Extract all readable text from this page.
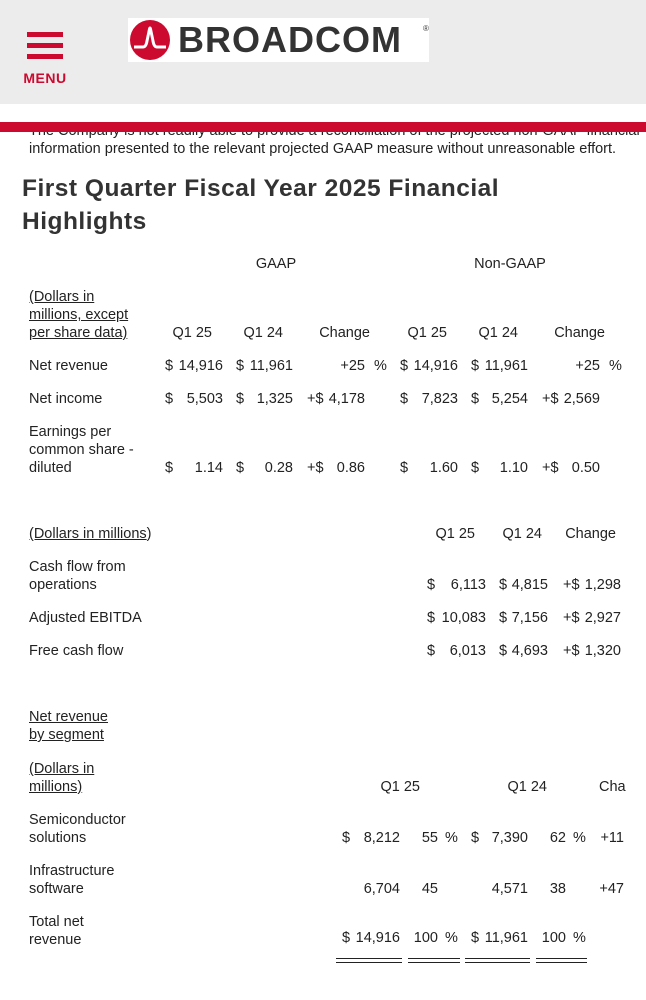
MENU
BROADCOM	®
information presented to the relevant projected GAAP measure without unreasonable effort.
First Quarter Fiscal Year 2025 Financial Highlights
GAAP	Non-GAAP
(Dollars in
millions, except
per share data)	Q1 25	Q1 24	Change	Q1 25	Q1 24	Change
Net revenue	$ 14,916 $ 11,961	+25 % $ 14,916 $ 11,961	+25 %
Net income	$ 5,503 $ 1,325 +$ 4,178 $ 7,823 $ 5,254 +$ 2,569
Earnings per
common share -
diluted	$	1.14 $	0.28 +$ 0.86 $	1.60 $	1.10 +$ 0.50
(Dollars in millions)	Q1 25	Q1 24	Change
Cash flow from
operations	$	6,113 $ 4,815 +$ 1,298
Adjusted EBITDA	$ 10,083 $ 7,156 +$ 2,927
Free cash flow	$	6,013 $ 4,693 +$ 1,320
Net revenue
by segment
(Dollars in
millions)	Q1 25	Q1 24	Cha
Semiconductor
solutions	$ 8,212	55 % $ 7,390	62 %	+11
Infrastructure
software	6,704	45	4,571	38	+47
Total net
revenue	$ 14,916 100 % $ 11,961 100 %
